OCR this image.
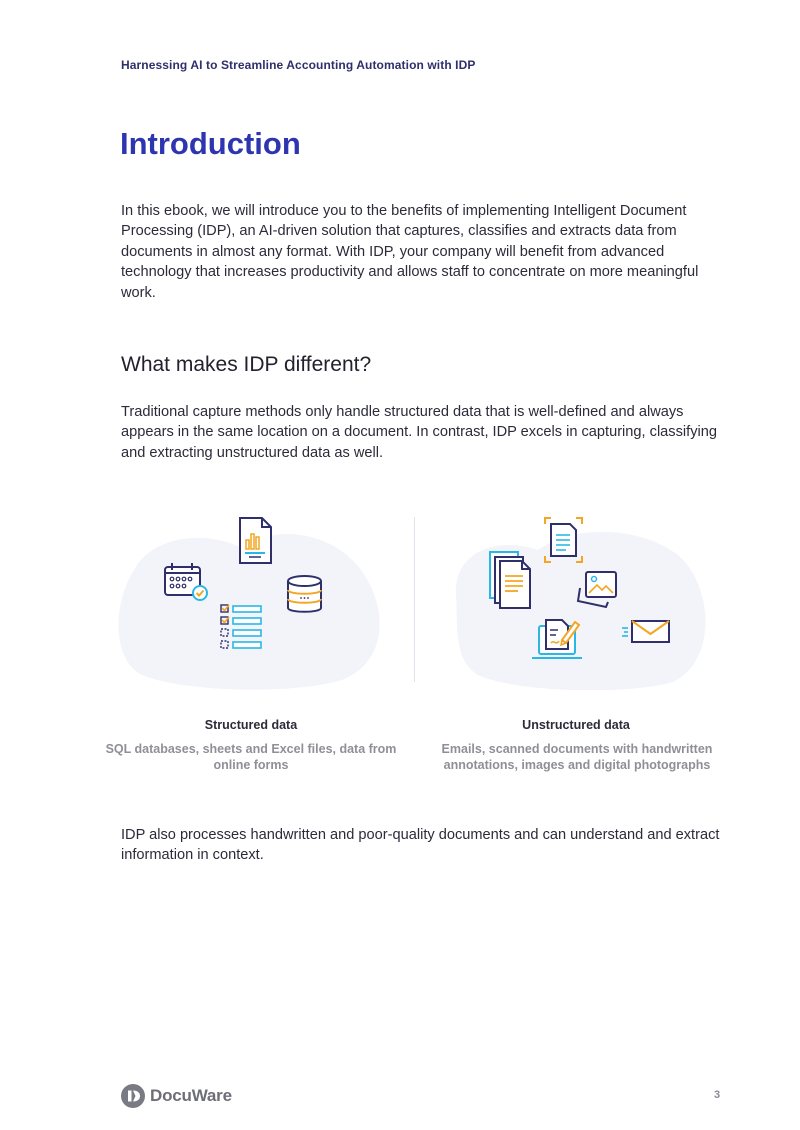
Harnessing AI to Streamline Accounting Automation with IDP
Introduction

In this ebook, we will introduce you to the benefits of implementing Intelligent Document Processing (IDP), an AI-driven solution that captures, classifies and extracts data from documents in almost any format. With IDP, your company will benefit from advanced technology that increases productivity and allows staff to concentrate on more meaningful work.

What makes IDP different?

Traditional capture methods only handle structured data that is well-defined and always appears in the same location on a document. In contrast, IDP excels in capturing, classifying and extracting unstructured data as well.

Structured data	Unstructured data
SQL databases, sheets and Excel files, data from online forms
Emails, scanned documents with handwritten annotations, images and digital photographs

IDP also processes handwritten and poor-quality documents and can understand and extract information in context.

DocuWare	3
